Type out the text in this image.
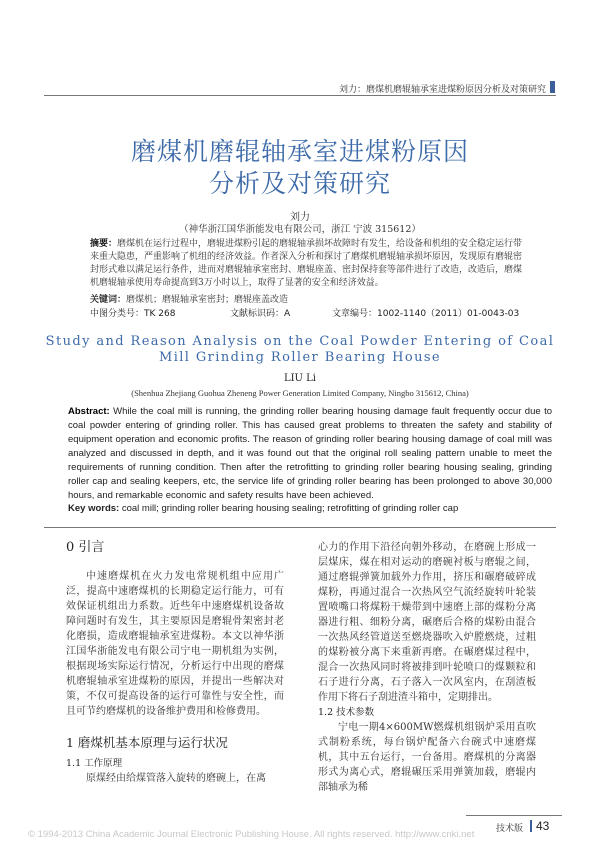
刘力：磨煤机磨辊轴承室进煤粉原因分析及对策研究
磨煤机磨辊轴承室进煤粉原因
分析及对策研究
刘力
（神华浙江国华浙能发电有限公司，浙江 宁波 315612）
摘要：磨煤机在运行过程中，磨辊进煤粉引起的磨辊轴承损坏故障时有发生，给设备和机组的安全稳定运行带来重大隐患，严重影响了机组的经济效益。作者深入分析和探讨了磨煤机磨辊轴承损坏原因，发现原有磨辊密封形式难以满足运行条件，进而对磨辊轴承室密封、磨辊座盖、密封保持套等部件进行了改造，改造后，磨煤机磨辊轴承使用寿命提高到3万小时以上，取得了显著的安全和经济效益。
关键词：磨煤机；磨辊轴承室密封；磨辊座盖改造
中图分类号：TK 268	文献标识码：A	文章编号：1002-1140（2011）01-0043-03
Study and Reason Analysis on the Coal Powder Entering of Coal
Mill Grinding Roller Bearing House
LIU Li
(Shenhua Zhejiang Guohua Zheneng Power Generation Limited Company, Ningbo 315612, China)
Abstract: While the coal mill is running, the grinding roller bearing housing damage fault frequently occur due to coal powder entering of grinding roller. This has caused great problems to threaten the safety and stability of equipment operation and economic profits. The reason of grinding roller bearing housing damage of coal mill was analyzed and discussed in depth, and it was found out that the original roll sealing pattern unable to meet the requirements of running condition. Then after the retrofitting to grinding roller bearing housing sealing, grinding roller cap and sealing keepers, etc, the service life of grinding roller bearing has been prolonged to above 30,000 hours, and remarkable economic and safety results have been achieved.
Key words: coal mill; grinding roller bearing housing sealing; retrofitting of grinding roller cap
0 引言

中速磨煤机在火力发电常规机组中应用广泛，提高中速磨煤机的长期稳定运行能力，可有效保证机组出力系数。近些年中速磨煤机设备故障问题时有发生，其主要原因是磨辊骨架密封老化磨损，造成磨辊轴承室进煤粉。本文以神华浙江国华浙能发电有限公司宁电一期机组为实例，根据现场实际运行情况，分析运行中出现的磨煤机磨辊轴承室进煤粉的原因，并提出一些解决对策，不仅可提高设备的运行可靠性与安全性，而且可节约磨煤机的设备维护费用和检修费用。

1 磨煤机基本原理与运行状况
1.1 工作原理

原煤经由给煤管落入旋转的磨碗上，在离

心力的作用下沿径向朝外移动，在磨碗上形成一层煤床，煤在相对运动的磨碗衬板与磨辊之间，通过磨辊弹簧加载外力作用，挤压和碾磨破碎成煤粉，再通过混合一次热风空气流经旋转叶轮装置喷嘴口将煤粉干燥带到中速磨上部的煤粉分离器进行粗、细粉分离，碾磨后合格的煤粉由混合一次热风经管道送至燃烧器吹入炉膛燃烧，过粗的煤粉被分离下来重新再磨。在碾磨煤过程中，混合一次热风同时将被排到叶轮喷口的煤颗粒和石子进行分离，石子落入一次风室内，在刮渣板作用下将石子刮进渣斗箱中，定期排出。

1.2 技术参数

宁电一期4×600MW燃煤机组锅炉采用直吹式制粉系统，每台锅炉配备六台碗式中速磨煤机，其中五台运行，一台备用。磨煤机的分离器形式为离心式，磨辊碾压采用弹簧加载，磨辊内部轴承为稀

© 1994-2013 China Academic Journal Electronic Publishing House. All rights reserved. http://www.cnki.net 技术版 43
